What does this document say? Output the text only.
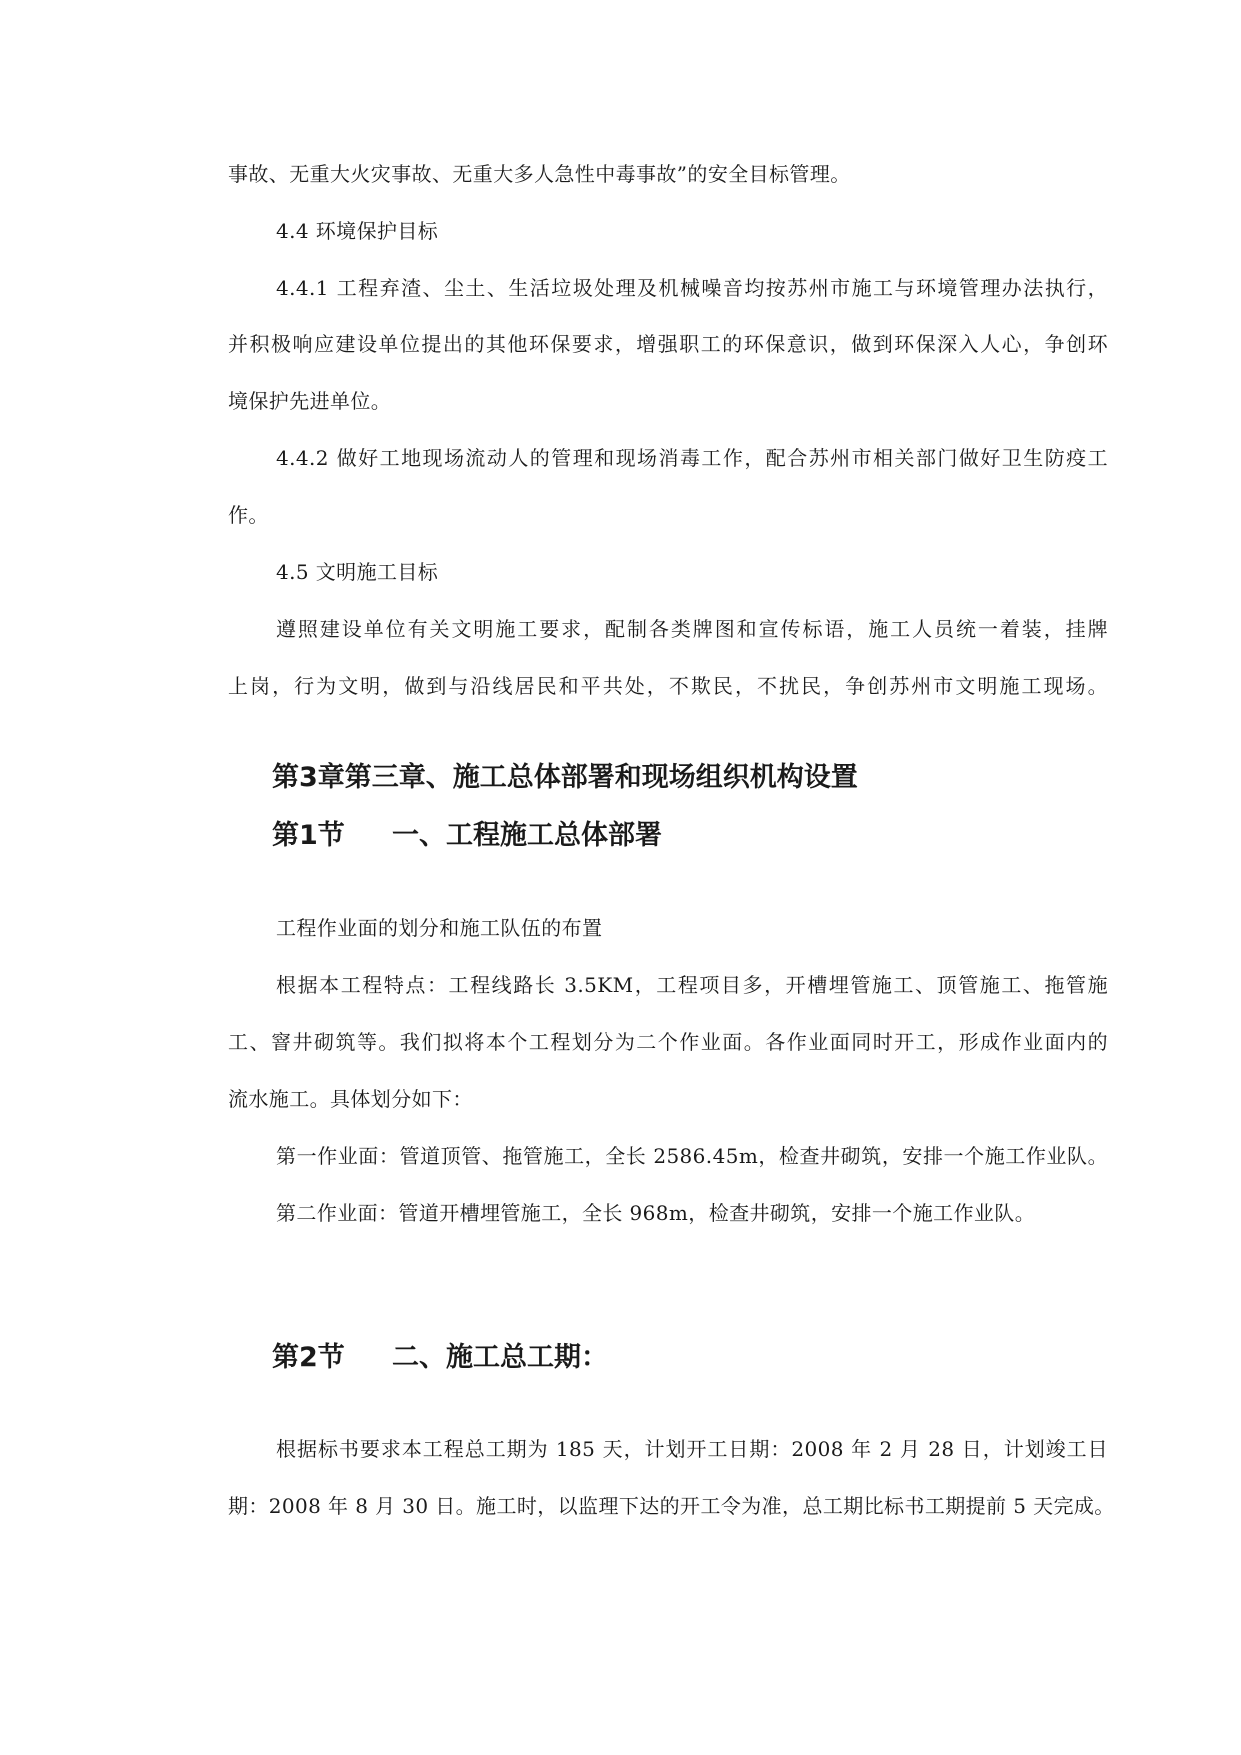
事故、无重大火灾事故、无重大多人急性中毒事故”的安全目标管理。
4.4 环境保护目标
4.4.1 工程弃渣、尘土、生活垃圾处理及机械噪音均按苏州市施工与环境管理办法执行，
并积极响应建设单位提出的其他环保要求，增强职工的环保意识，做到环保深入人心，争创环
境保护先进单位。
4.4.2 做好工地现场流动人的管理和现场消毒工作，配合苏州市相关部门做好卫生防疫工
作。
4.5 文明施工目标
遵照建设单位有关文明施工要求，配制各类牌图和宣传标语，施工人员统一着装，挂牌
上岗，行为文明，做到与沿线居民和平共处，不欺民，不扰民，争创苏州市文明施工现场。
第3章第三章、施工总体部署和现场组织机构设置
第1节 一、工程施工总体部署
工程作业面的划分和施工队伍的布置
根据本工程特点：工程线路长 3.5KM，工程项目多，开槽埋管施工、顶管施工、拖管施
工、窨井砌筑等。我们拟将本个工程划分为二个作业面。各作业面同时开工，形成作业面内的
流水施工。具体划分如下：
第一作业面：管道顶管、拖管施工，全长 2586.45m，检查井砌筑，安排一个施工作业队。
第二作业面：管道开槽埋管施工，全长 968m，检查井砌筑，安排一个施工作业队。
第2节 二、施工总工期：
根据标书要求本工程总工期为 185 天，计划开工日期：2008 年 2 月 28 日，计划竣工日
期：2008 年 8 月 30 日。施工时，以监理下达的开工令为准，总工期比标书工期提前 5 天完成。
